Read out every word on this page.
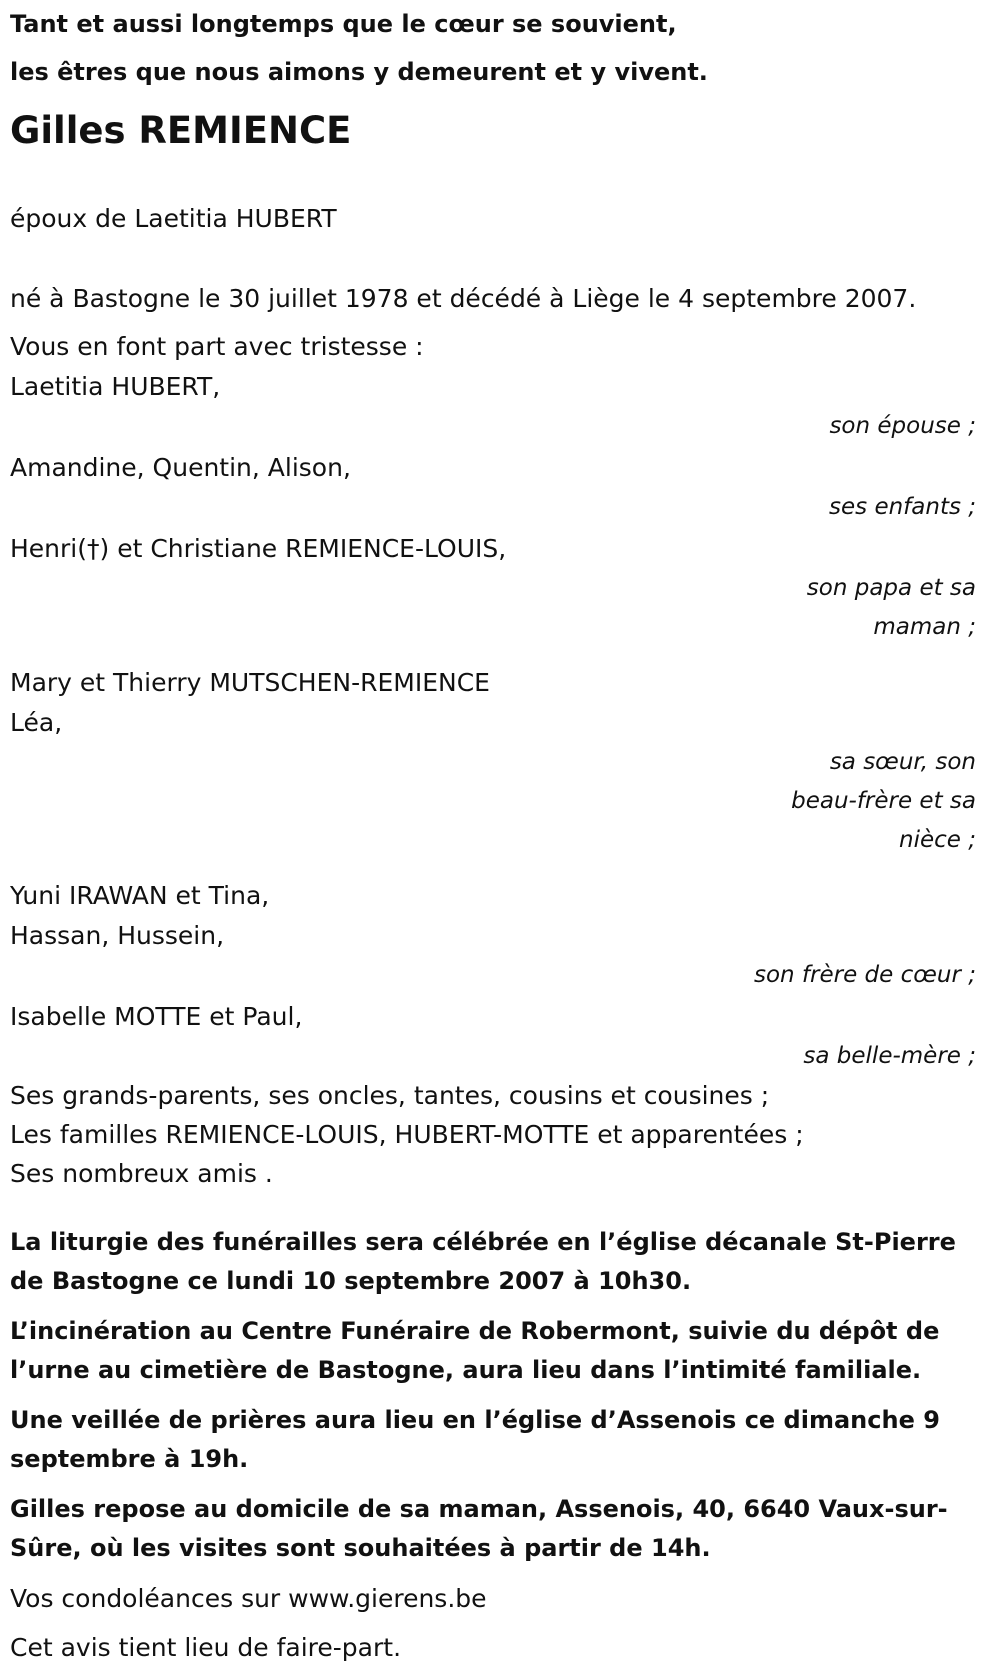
Tant et aussi longtemps que le cœur se souvient,
les êtres que nous aimons y demeurent et y vivent.
Gilles REMIENCE
époux de Laetitia HUBERT
né à Bastogne le 30 juillet 1978 et décédé à Liège le 4 septembre 2007.
Vous en font part avec tristesse :
Laetitia HUBERT,
son épouse ;
Amandine, Quentin, Alison,
ses enfants ;
Henri(†) et Christiane REMIENCE-LOUIS,
son papa et sa
maman ;
Mary et Thierry MUTSCHEN-REMIENCE
Léa,
sa sœur, son
beau-frère et sa
nièce ;
Yuni IRAWAN et Tina,
Hassan, Hussein,
son frère de cœur ;
Isabelle MOTTE et Paul,
sa belle-mère ;
Ses grands-parents, ses oncles, tantes, cousins et cousines ;
Les familles REMIENCE-LOUIS, HUBERT-MOTTE et apparentées ;
Ses nombreux amis .

La liturgie des funérailles sera célébrée en l’église décanale St-Pierre de Bastogne ce lundi 10 septembre 2007 à 10h30.

L’incinération au Centre Funéraire de Robermont, suivie du dépôt de l’urne au cimetière de Bastogne, aura lieu dans l’intimité familiale.

Une veillée de prières aura lieu en l’église d’Assenois ce dimanche 9 septembre à 19h.

Gilles repose au domicile de sa maman, Assenois, 40, 6640 Vaux-sur-Sûre, où les visites sont souhaitées à partir de 14h.

Vos condoléances sur www.gierens.be

Cet avis tient lieu de faire-part.
